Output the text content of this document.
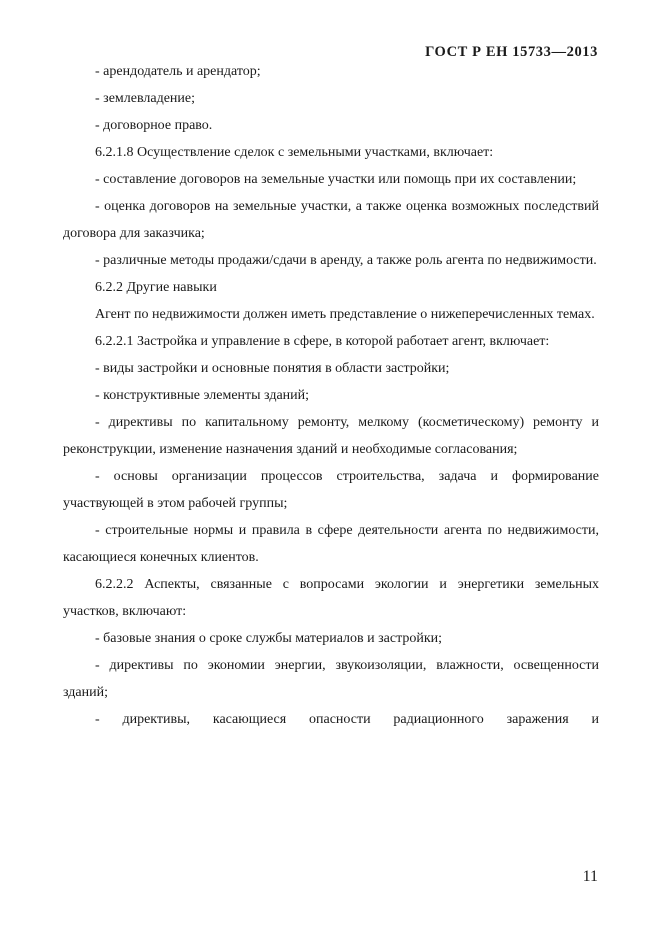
ГОСТ Р ЕН 15733—2013

- арендодатель и арендатор;

- землевладение;

- договорное право.

6.2.1.8 Осуществление сделок с земельными участками, включает:

- составление договоров на земельные участки или помощь при их составлении;

- оценка договоров на земельные участки, а также оценка возможных последствий договора для заказчика;

- различные методы продажи/сдачи в аренду, а также роль агента по недвижимости.

6.2.2 Другие навыки

Агент по недвижимости должен иметь представление о нижеперечисленных темах.

6.2.2.1 Застройка и управление в сфере, в которой работает агент, включает:

- виды застройки и основные понятия в области застройки;

- конструктивные элементы зданий;

- директивы по капитальному ремонту, мелкому (косметическому) ремонту и реконструкции, изменение назначения зданий и необходимые согласования;

- основы организации процессов строительства, задача и формирование участвующей в этом рабочей группы;

- строительные нормы и правила в сфере деятельности агента по недвижимости, касающиеся конечных клиентов.

6.2.2.2 Аспекты, связанные с вопросами экологии и энергетики земельных участков, включают:

- базовые знания о сроке службы материалов и застройки;

- директивы по экономии энергии, звукоизоляции, влажности, освещенности зданий;

- директивы, касающиеся опасности радиационного заражения и

11
